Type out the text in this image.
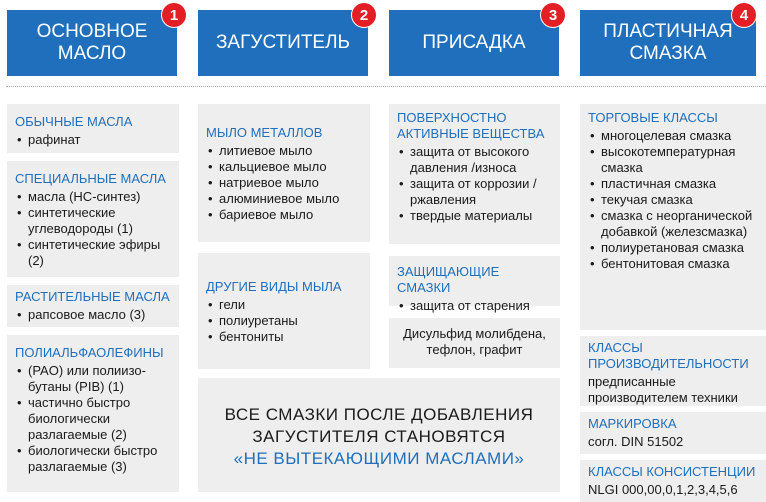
ОСНОВНОЕ
МАСЛО
1
ЗАГУСТИТЕЛЬ
2
ПРИСАДКА
3
ПЛАСТИЧНАЯ
СМАЗКА
4
ОБЫЧНЫЕ МАСЛА
• рафинат
СПЕЦИАЛЬНЫЕ МАСЛА
• масла (НС-синтез)
• синтетические углеводороды (1)
• синтетические эфиры (2)
РАСТИТЕЛЬНЫЕ МАСЛА
• рапсовое масло (3)
ПОЛИАЛЬФАОЛЕФИНЫ
• (PAO) или полиизо-бутаны (PIB) (1)
• частично быстро биологически разлагаемые (2)
• биологически быстро разлагаемые (3)
МЫЛО МЕТАЛЛОВ
• литиевое мыло
• кальциевое мыло
• натриевое мыло
• алюминиевое мыло
• бариевое мыло
ДРУГИЕ ВИДЫ МЫЛА
• гели
• полиуретаны
• бентониты
ПОВЕРХНОСТНО АКТИВНЫЕ ВЕЩЕСТВА
• защита от высокого давления /износа
• защита от коррозии / ржавления
• твердые материалы
ЗАЩИЩАЮЩИЕ СМАЗКИ
• защита от старения
Дисульфид молибдена,
тефлон, графит
ВСЕ СМАЗКИ ПОСЛЕ ДОБАВЛЕНИЯ
ЗАГУСТИТЕЛЯ СТАНОВЯТСЯ
«НЕ ВЫТЕКАЮЩИМИ МАСЛАМИ»
ТОРГОВЫЕ КЛАССЫ
• многоцелевая смазка
• высокотемпературная смазка
• пластичная смазка
• текучая смазка
• смазка с неорганической добавкой (железсмазка)
• полиуретановая смазка
• бентонитовая смазка
КЛАССЫ ПРОИЗВОДИТЕЛЬНОСТИ
предписанные производителем техники
МАРКИРОВКА
согл. DIN 51502
КЛАССЫ КОНСИСТЕНЦИИ
NLGI 000,00,0,1,2,3,4,5,6
